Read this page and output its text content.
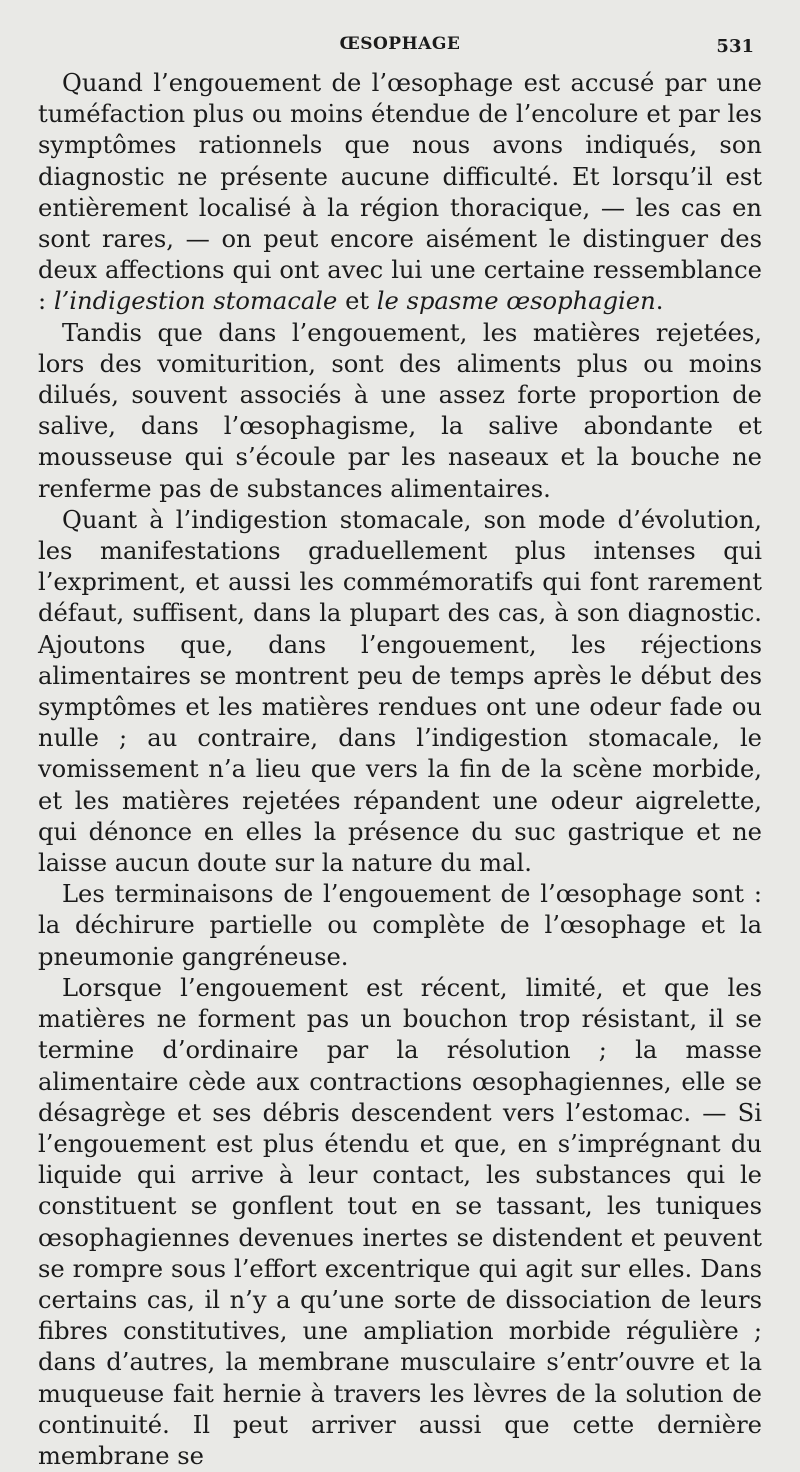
ŒSOPHAGE	531

Quand l’engouement de l’œsophage est accusé par une tuméfaction plus ou moins étendue de l’encolure et par les symptômes rationnels que nous avons indiqués, son diagnostic ne présente aucune difficulté. Et lorsqu’il est entièrement localisé à la région thoracique, — les cas en sont rares, — on peut encore aisément le distinguer des deux affections qui ont avec lui une certaine ressemblance : l’indigestion stomacale et le spasme œsophagien.

Tandis que dans l’engouement, les matières rejetées, lors des vomiturition, sont des aliments plus ou moins dilués, souvent associés à une assez forte proportion de salive, dans l’œsophagisme, la salive abondante et mousseuse qui s’écoule par les naseaux et la bouche ne renferme pas de substances alimentaires.

Quant à l’indigestion stomacale, son mode d’évolution, les manifestations graduellement plus intenses qui l’expriment, et aussi les commémoratifs qui font rarement défaut, suffisent, dans la plupart des cas, à son diagnostic. Ajoutons que, dans l’engouement, les réjections alimentaires se montrent peu de temps après le début des symptômes et les matières rendues ont une odeur fade ou nulle ; au contraire, dans l’indigestion stomacale, le vomissement n’a lieu que vers la fin de la scène morbide, et les matières rejetées répandent une odeur aigrelette, qui dénonce en elles la présence du suc gastrique et ne laisse aucun doute sur la nature du mal.

Les terminaisons de l’engouement de l’œsophage sont : la déchirure partielle ou complète de l’œsophage et la pneumonie gangréneuse.

Lorsque l’engouement est récent, limité, et que les matières ne forment pas un bouchon trop résistant, il se termine d’ordinaire par la résolution ; la masse alimentaire cède aux contractions œsophagiennes, elle se désagrège et ses débris descendent vers l’estomac. — Si l’engouement est plus étendu et que, en s’imprégnant du liquide qui arrive à leur contact, les substances qui le constituent se gonflent tout en se tassant, les tuniques œsophagiennes devenues inertes se distendent et peuvent se rompre sous l’effort excentrique qui agit sur elles. Dans certains cas, il n’y a qu’une sorte de dissociation de leurs fibres constitutives, une ampliation morbide régulière ; dans d’autres, la membrane musculaire s’entr’ouvre et la muqueuse fait hernie à travers les lèvres de la solution de continuité. Il peut arriver aussi que cette dernière membrane se
